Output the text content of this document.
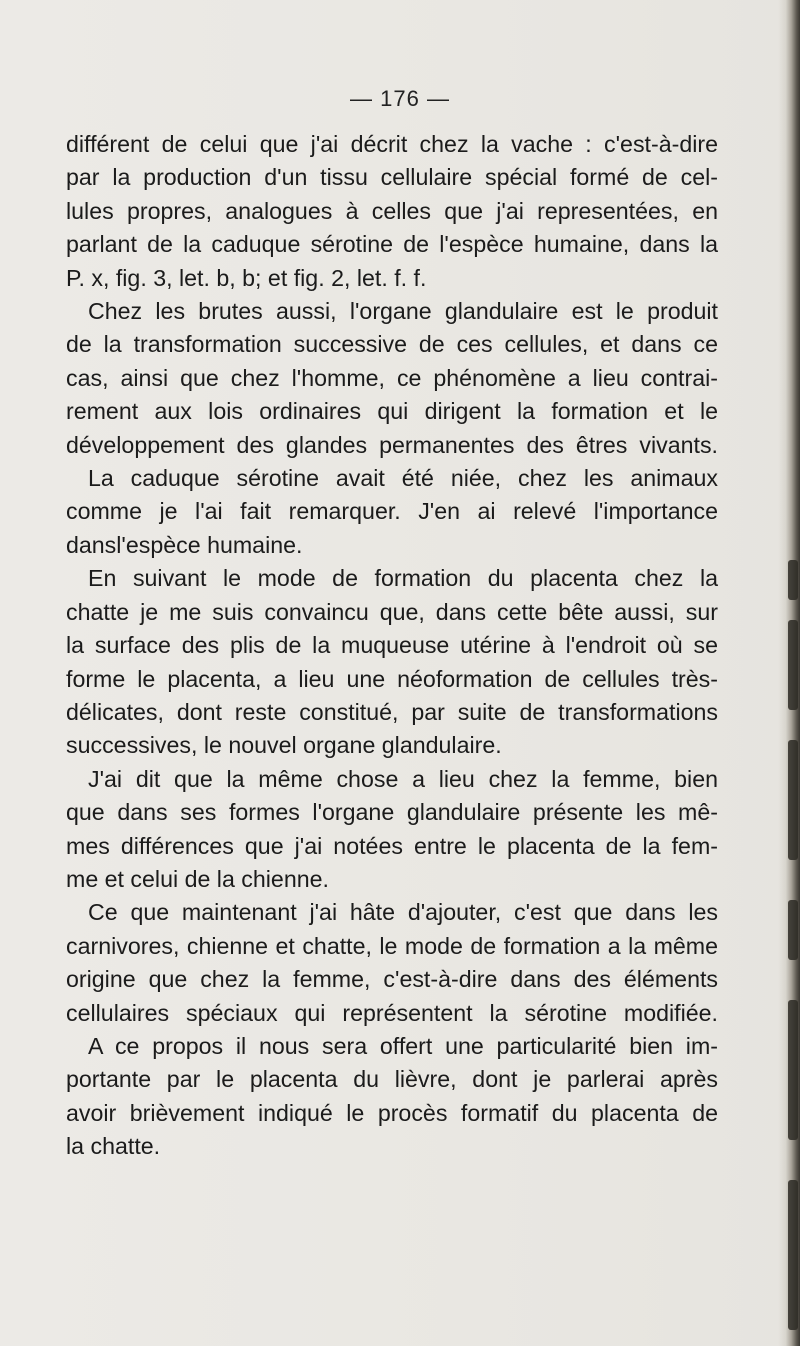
— 176 —
différent de celui que j'ai décrit chez la vache : c'est-à-dire
par la production d'un tissu cellulaire spécial formé de cel-
lules propres, analogues à celles que j'ai representées, en
parlant de la caduque sérotine de l'espèce humaine, dans la
P. x, fig. 3, let. b, b; et fig. 2, let. f. f.
Chez les brutes aussi, l'organe glandulaire est le produit
de la transformation successive de ces cellules, et dans ce
cas, ainsi que chez l'homme, ce phénomène a lieu contrai-
rement aux lois ordinaires qui dirigent la formation et le
développement des glandes permanentes des êtres vivants.
La caduque sérotine avait été niée, chez les animaux
comme je l'ai fait remarquer. J'en ai relevé l'importance
dansl'espèce humaine.
En suivant le mode de formation du placenta chez la
chatte je me suis convaincu que, dans cette bête aussi, sur
la surface des plis de la muqueuse utérine à l'endroit où se
forme le placenta, a lieu une néoformation de cellules très-
délicates, dont reste constitué, par suite de transformations
successives, le nouvel organe glandulaire.
J'ai dit que la même chose a lieu chez la femme, bien
que dans ses formes l'organe glandulaire présente les mê-
mes différences que j'ai notées entre le placenta de la fem-
me et celui de la chienne.
Ce que maintenant j'ai hâte d'ajouter, c'est que dans les
carnivores, chienne et chatte, le mode de formation a la même
origine que chez la femme, c'est-à-dire dans des éléments
cellulaires spéciaux qui représentent la sérotine modifiée.
A ce propos il nous sera offert une particularité bien im-
portante par le placenta du lièvre, dont je parlerai après
avoir brièvement indiqué le procès formatif du placenta de
la chatte.
